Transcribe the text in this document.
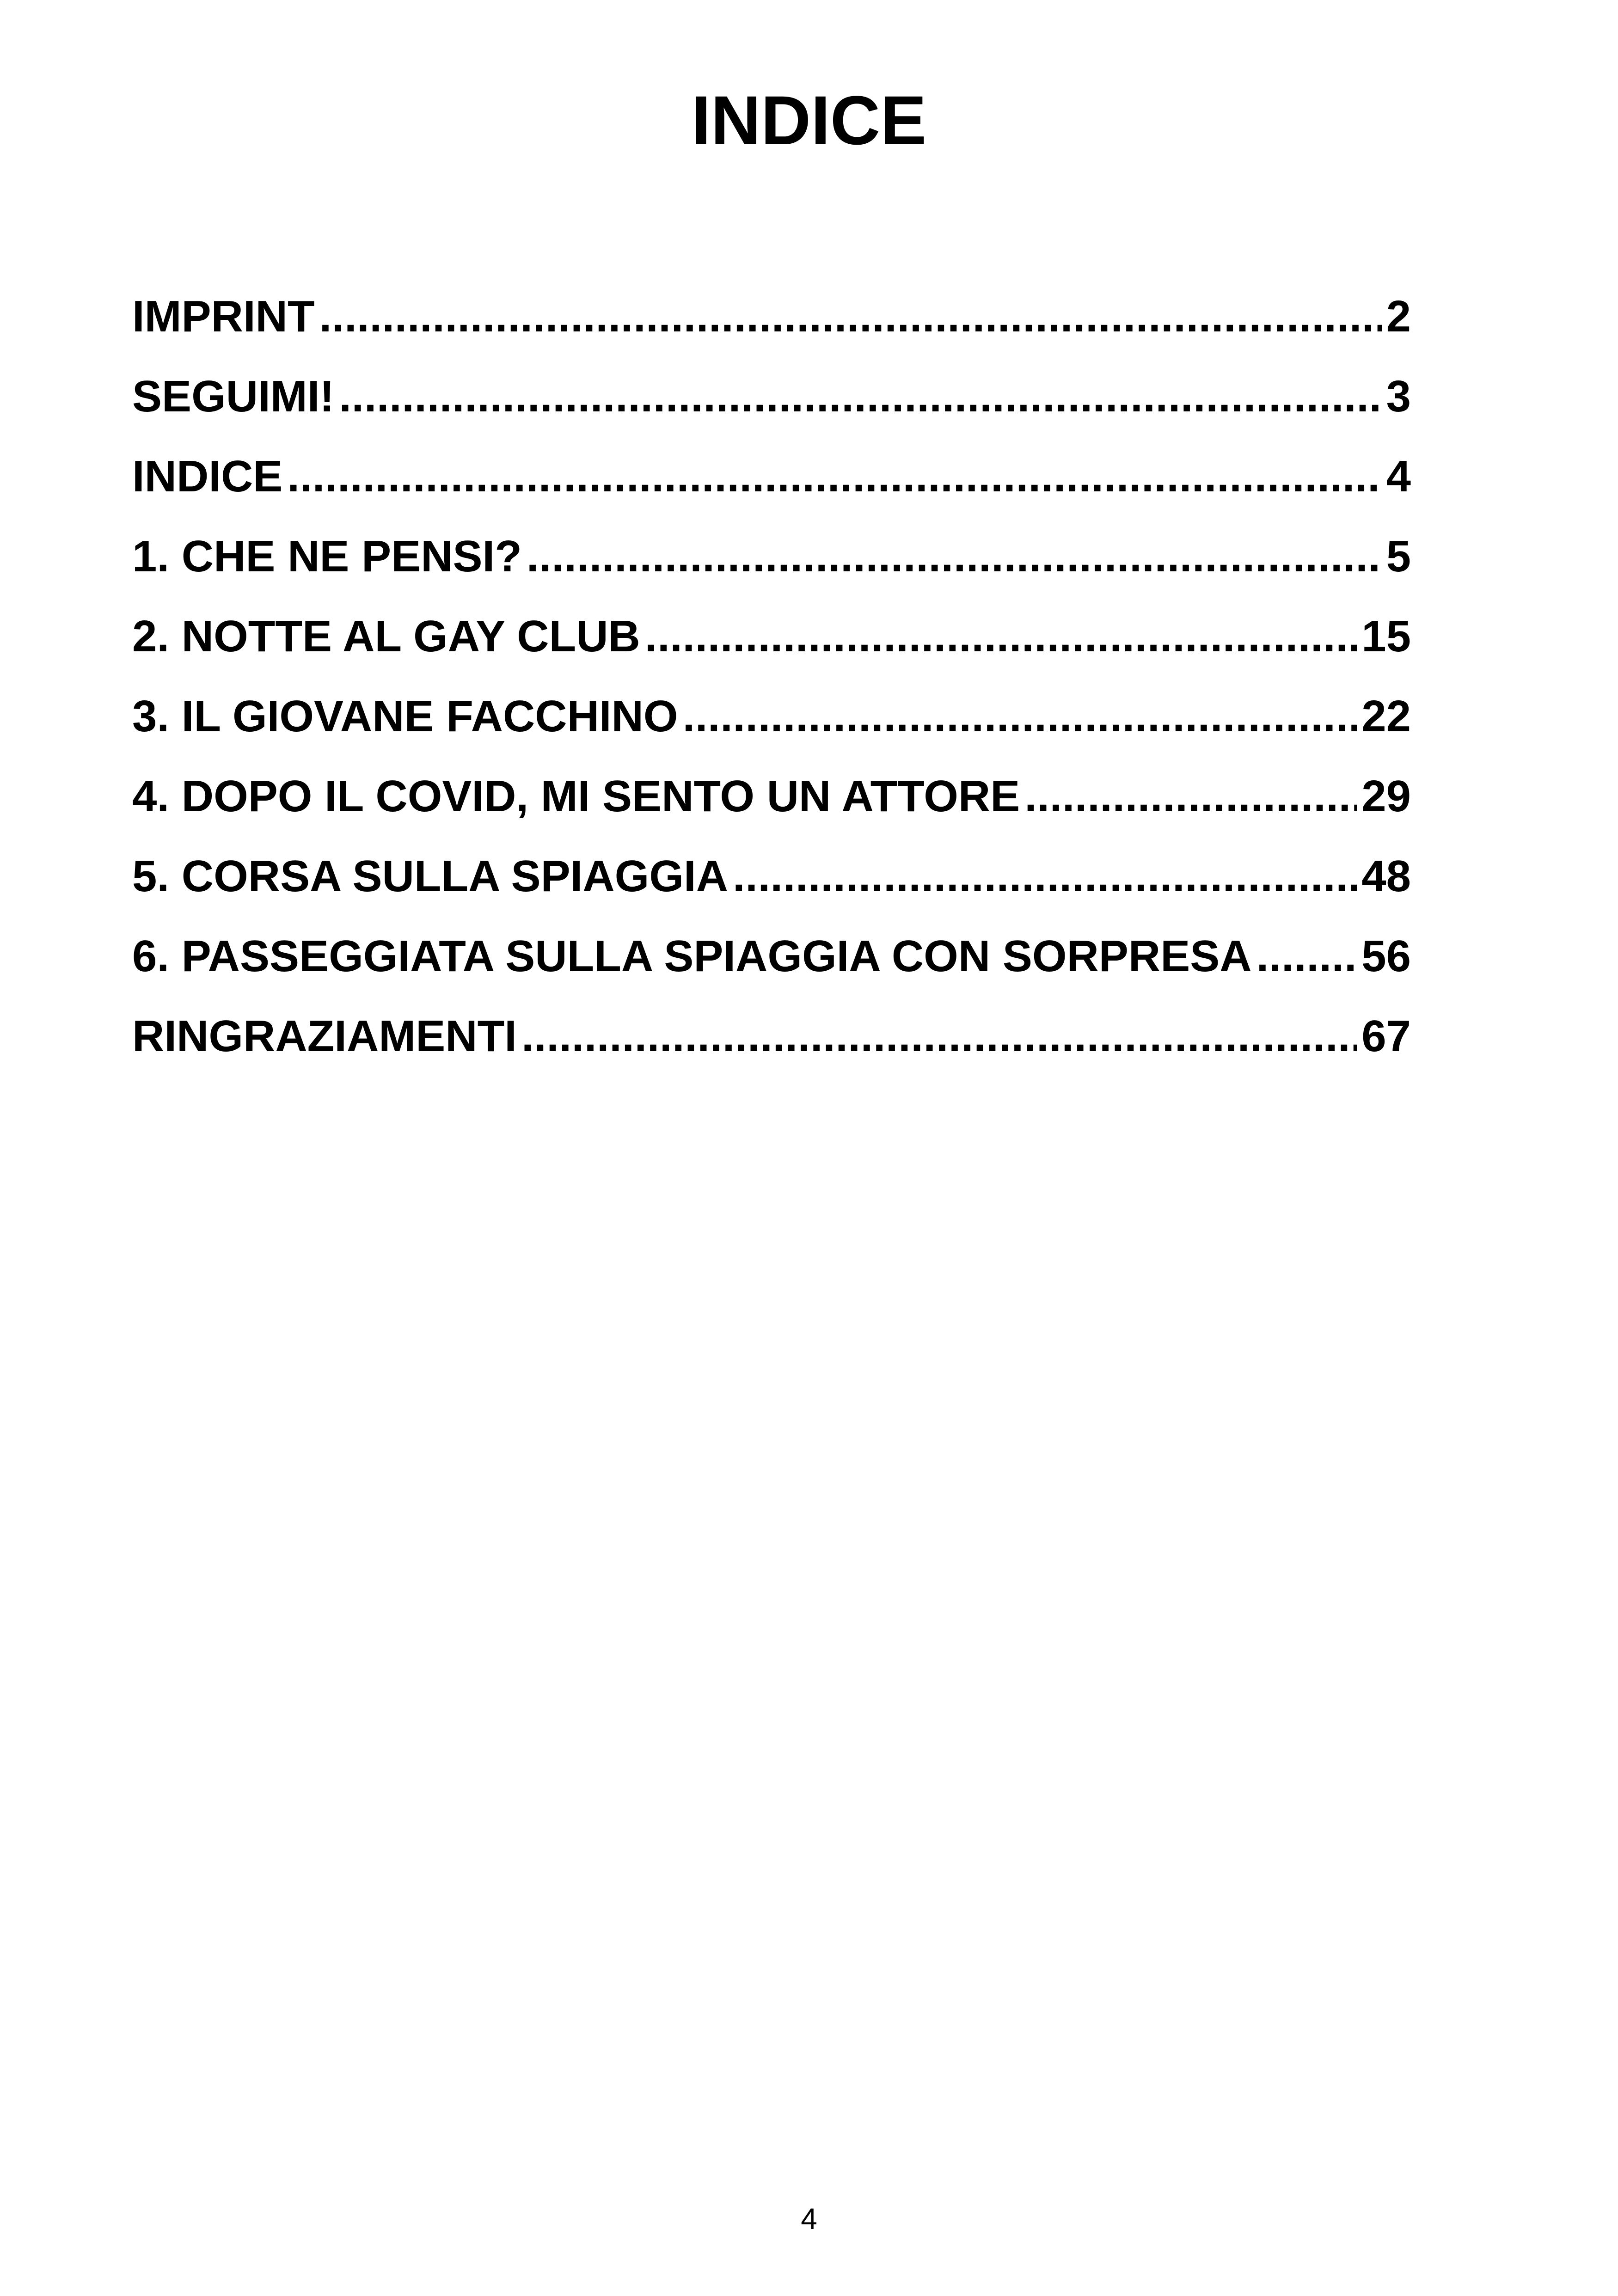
INDICE
IMPRINT .....	2
SEGUIMI! .....	3
INDICE .....	4
1. CHE NE PENSI? .....	5
2. NOTTE AL GAY CLUB .....	15
3. IL GIOVANE FACCHINO .....	22
4. DOPO IL COVID, MI SENTO UN ATTORE .....	29
5. CORSA SULLA SPIAGGIA .....	48
6. PASSEGGIATA SULLA SPIAGGIA CON SORPRESA ..... 56
RINGRAZIAMENTI .....	67
4
